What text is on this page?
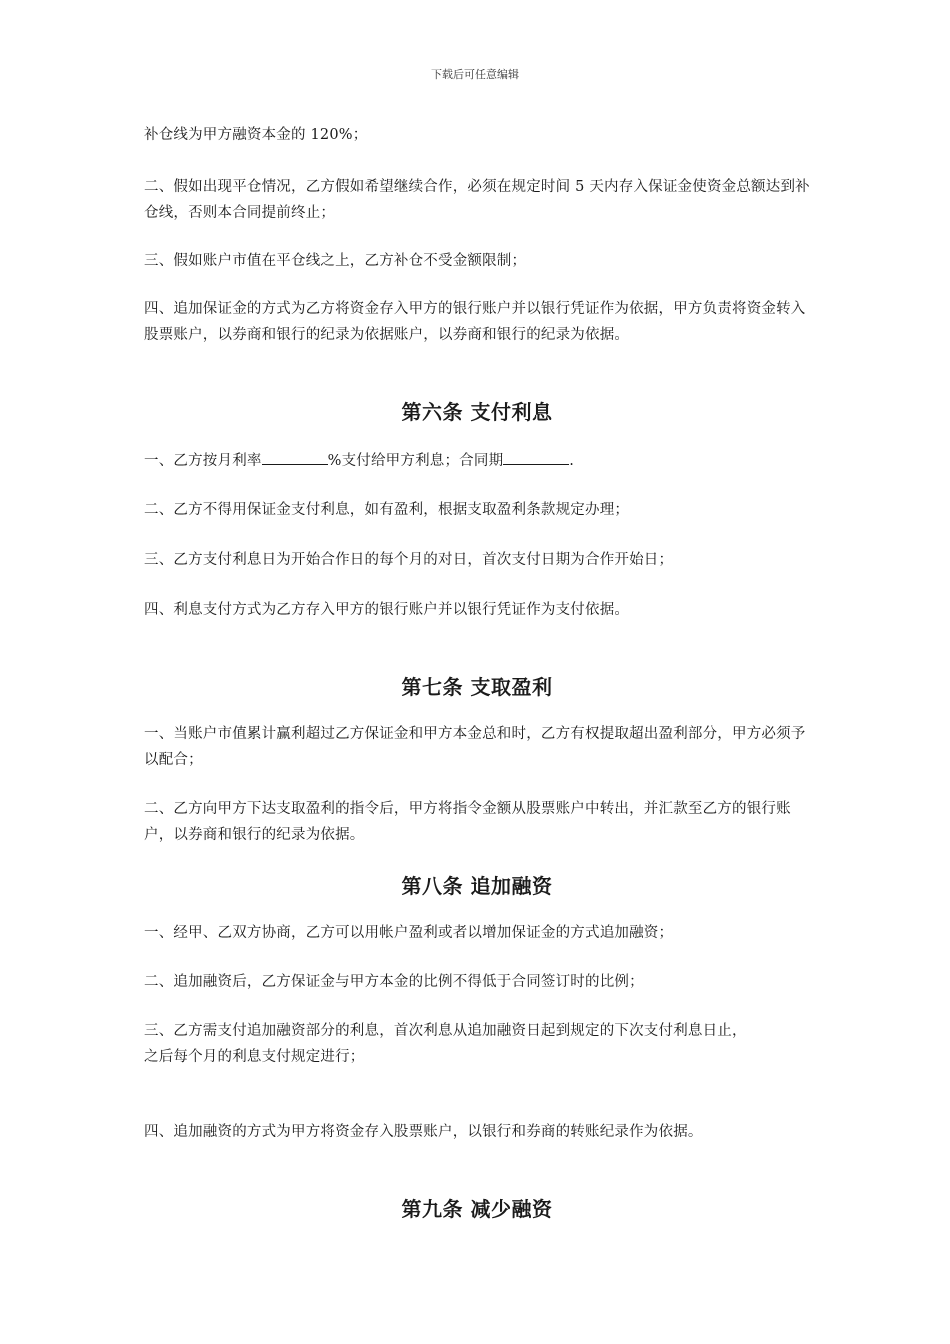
下载后可任意编辑
补仓线为甲方融资本金的 120%；
二、假如出现平仓情况，乙方假如希望继续合作，必须在规定时间 5 天内存入保证金使资金总额达到补仓线，否则本合同提前终止；
三、假如账户市值在平仓线之上，乙方补仓不受金额限制；
四、追加保证金的方式为乙方将资金存入甲方的银行账户并以银行凭证作为依据，甲方负责将资金转入股票账户，以券商和银行的纪录为依据账户，以券商和银行的纪录为依据。
第六条 支付利息
一、乙方按月利率	%支付给甲方利息；合同期	.
二、乙方不得用保证金支付利息，如有盈利，根据支取盈利条款规定办理；
三、乙方支付利息日为开始合作日的每个月的对日，首次支付日期为合作开始日；
四、利息支付方式为乙方存入甲方的银行账户并以银行凭证作为支付依据。
第七条 支取盈利
一、当账户市值累计赢利超过乙方保证金和甲方本金总和时，乙方有权提取超出盈利部分，甲方必须予以配合；
二、乙方向甲方下达支取盈利的指令后，甲方将指令金额从股票账户中转出，并汇款至乙方的银行账户，以券商和银行的纪录为依据。
第八条 追加融资
一、经甲、乙双方协商，乙方可以用帐户盈利或者以增加保证金的方式追加融资；
二、追加融资后，乙方保证金与甲方本金的比例不得低于合同签订时的比例；
三、乙方需支付追加融资部分的利息，首次利息从追加融资日起到规定的下次支付利息日止，
之后每个月的利息支付规定进行；
四、追加融资的方式为甲方将资金存入股票账户，以银行和券商的转账纪录作为依据。
第九条 减少融资
